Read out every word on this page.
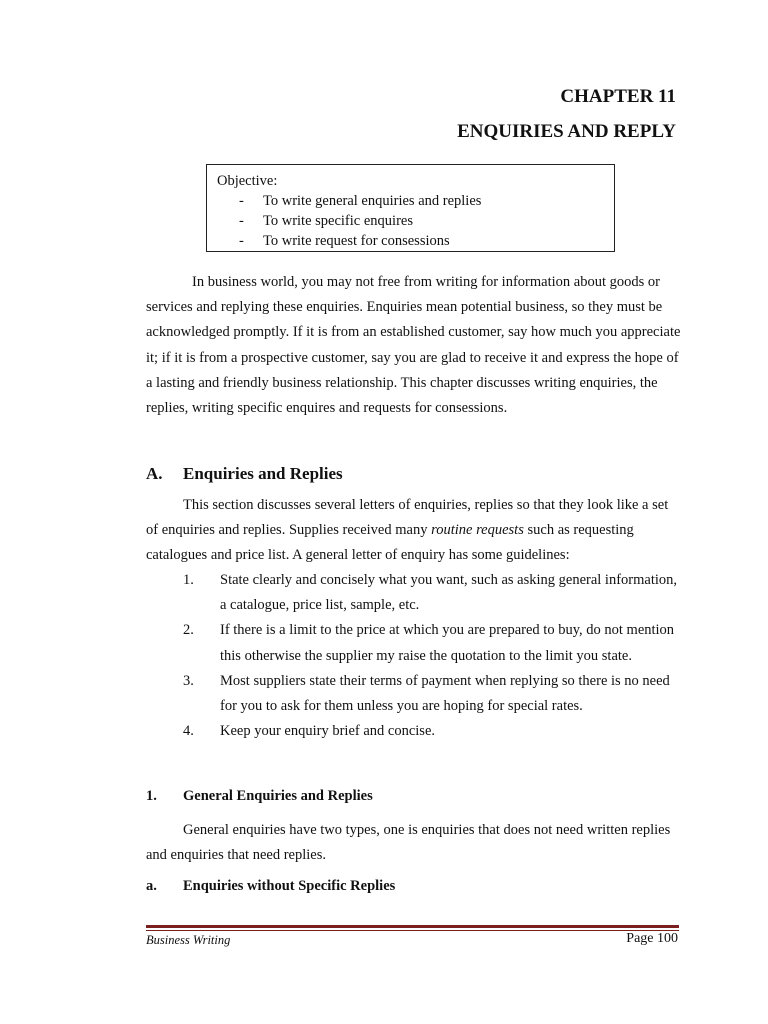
CHAPTER 11
ENQUIRIES AND REPLY
Objective:
- To write general enquiries and replies
- To write specific enquires
- To write request for consessions

In business world, you may not free from writing for information about goods or services and replying these enquiries. Enquiries mean potential business, so they must be acknowledged promptly. If it is from an established customer, say how much you appreciate it; if it is from a prospective customer, say you are glad to receive it and express the hope of a lasting and friendly business relationship. This chapter discusses writing enquiries, the replies, writing specific enquires and requests for consessions.

A. Enquiries and Replies

This section discusses several letters of enquiries, replies so that they look like a set of enquiries and replies. Supplies received many routine requests such as requesting catalogues and price list. A general letter of enquiry has some guidelines:

1.	State clearly and concisely what you want, such as asking general information, a catalogue, price list, sample, etc.
2.	If there is a limit to the price at which you are prepared to buy, do not mention this otherwise the supplier my raise the quotation to the limit you state.
3.	Most suppliers state their terms of payment when replying so there is no need for you to ask for them unless you are hoping for special rates.
4.	Keep your enquiry brief and concise.
1. General Enquiries and Replies

General enquiries have two types, one is enquiries that does not need written replies and enquiries that need replies.

a. Enquiries without Specific Replies
Business Writing	Page 100
